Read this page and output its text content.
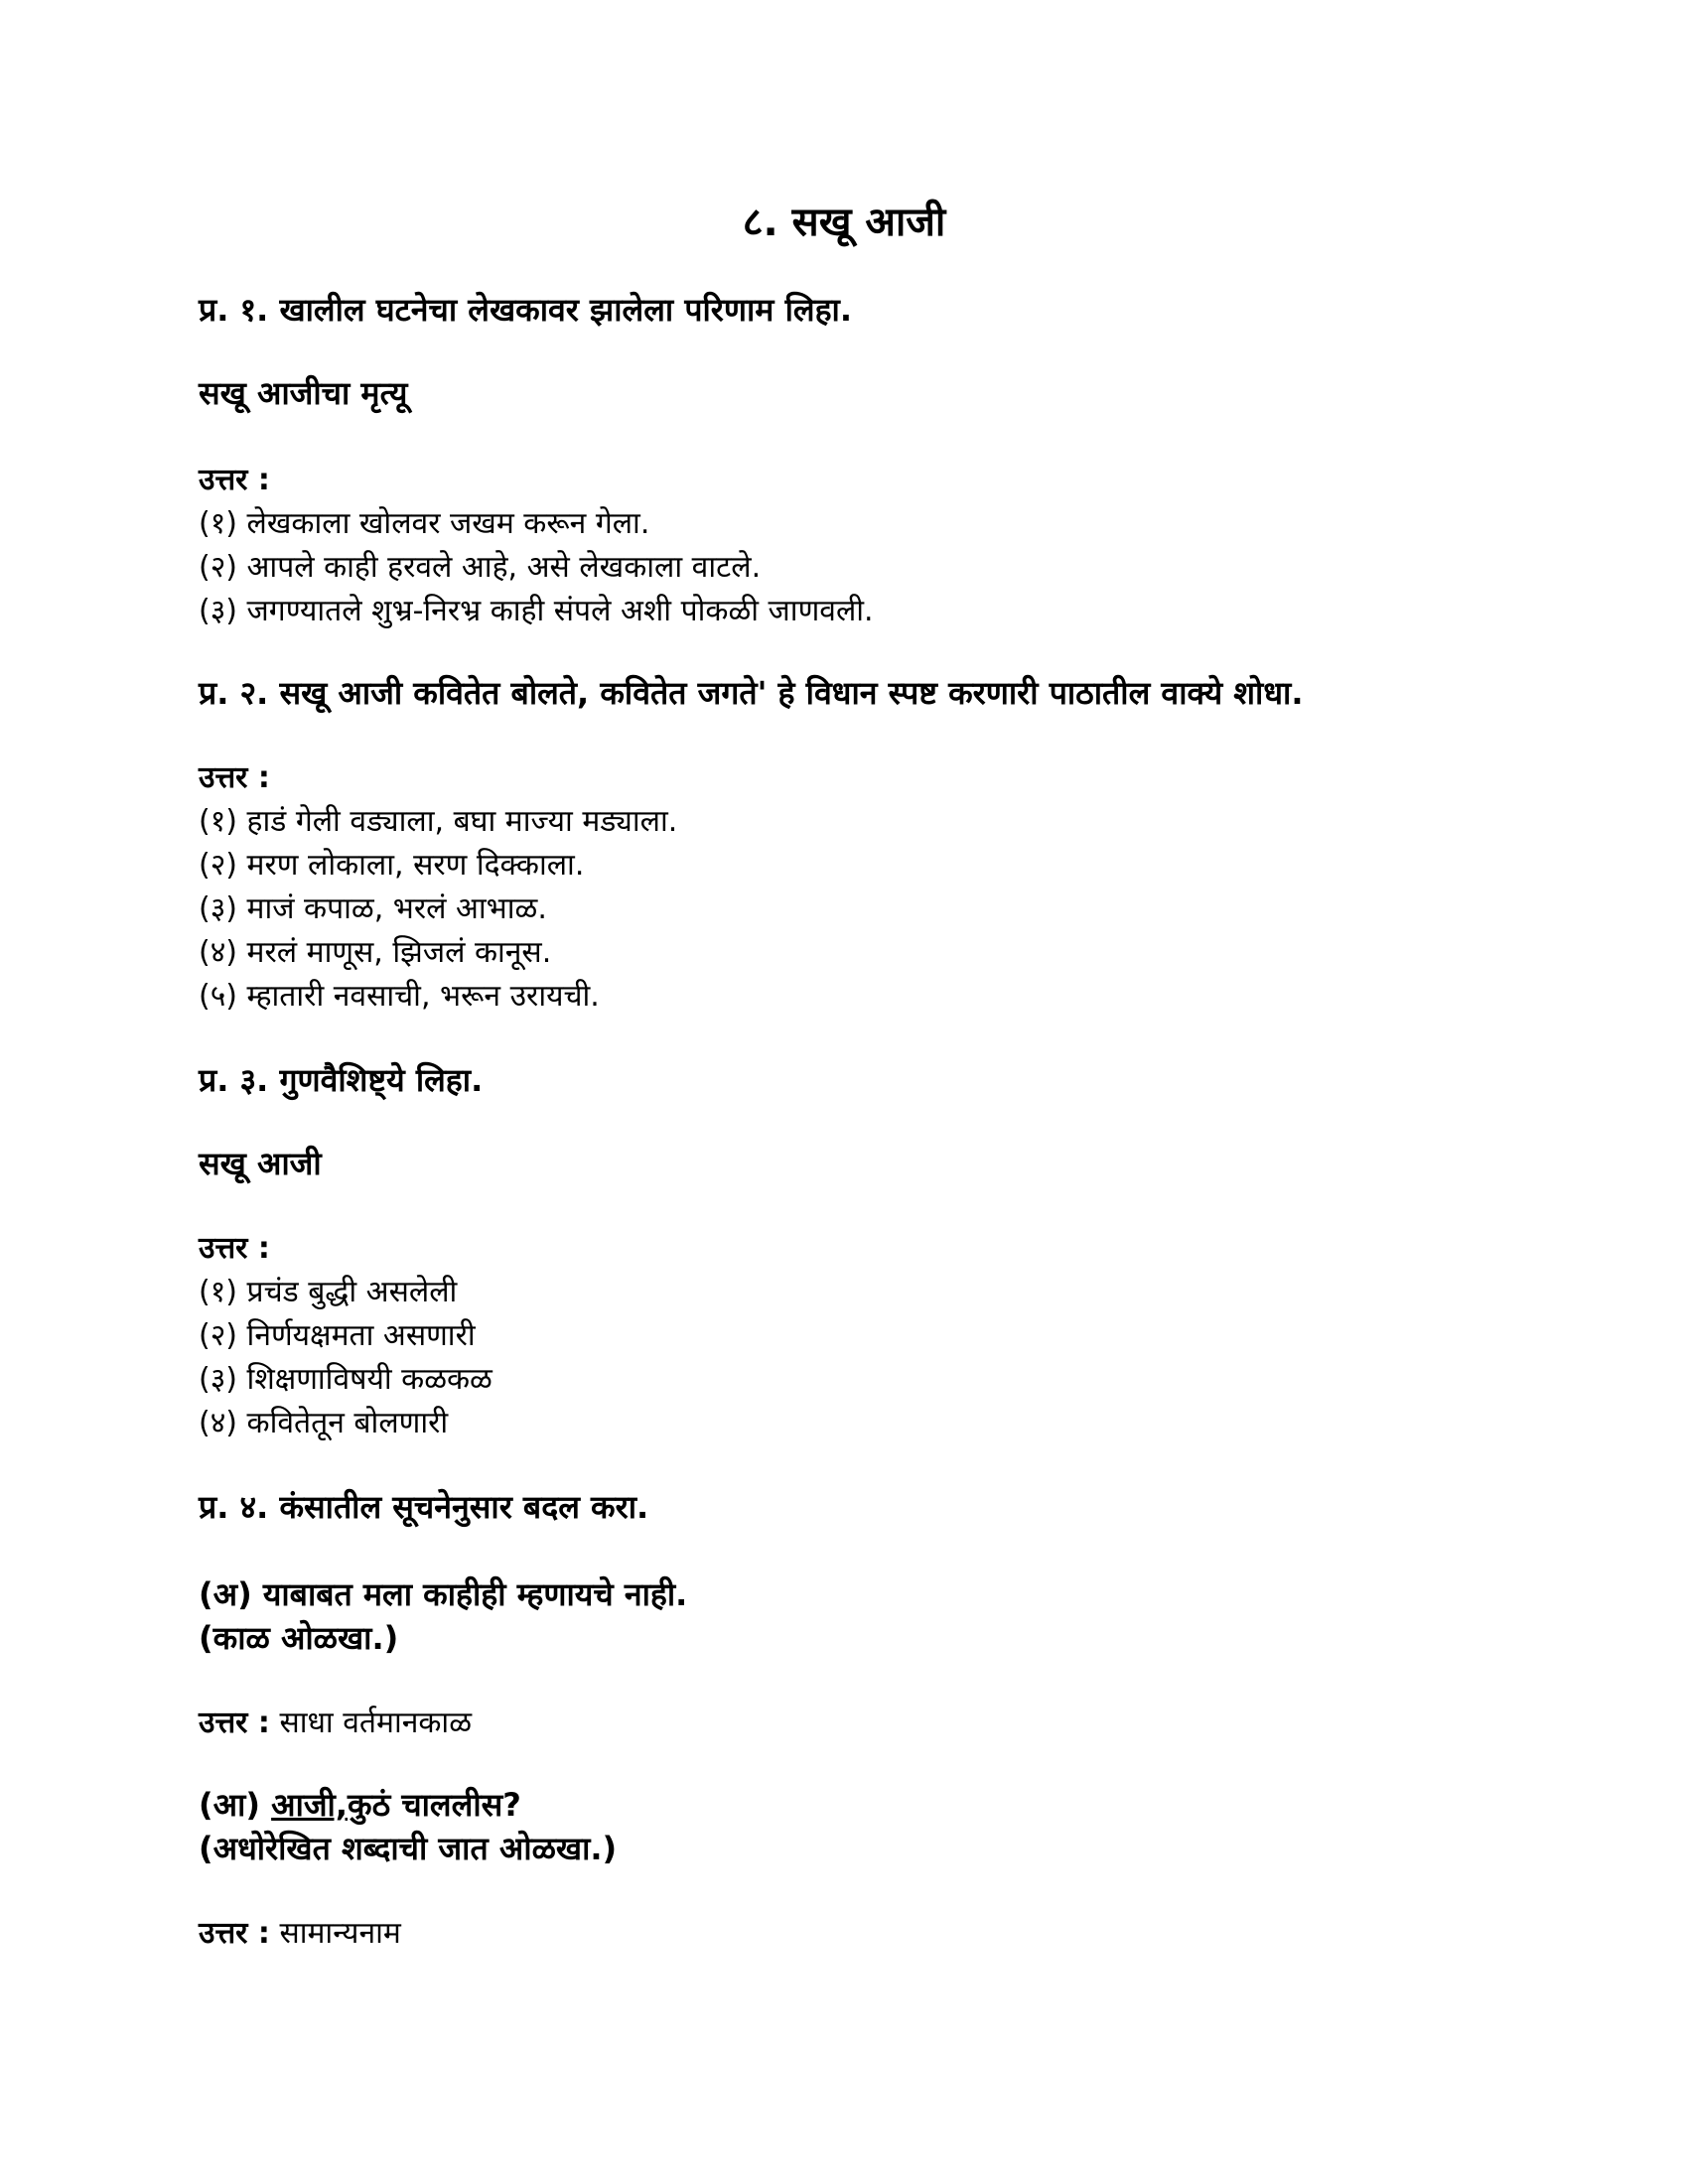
८. सखू आजी
प्र. १. खालील घटनेचा लेखकावर झालेला परिणाम लिहा.
सखू आजीचा मृत्यू
उत्तर :
(१) लेखकाला खोलवर जखम करून गेला.
(२) आपले काही हरवले आहे, असे लेखकाला वाटले.
(३) जगण्यातले शुभ्र-निरभ्र काही संपले अशी पोकळी जाणवली.
प्र. २. सखू आजी कवितेत बोलते, कवितेत जगते' हे विधान स्पष्ट करणारी पाठातील वाक्ये शोधा.
उत्तर :
(१) हाडं गेली वड्याला, बघा माज्या मड्याला.
(२) मरण लोकाला, सरण दिक्काला.
(३) माजं कपाळ, भरलं आभाळ.
(४) मरलं माणूस, झिजलं कानूस.
(५) म्हातारी नवसाची, भरून उरायची.
प्र. ३. गुणवैशिष्ट्ये लिहा.
सखू आजी
उत्तर :
(१) प्रचंड बुद्धी असलेली
(२) निर्णयक्षमता असणारी
(३) शिक्षणाविषयी कळकळ
(४) कवितेतून बोलणारी
प्र. ४. कंसातील सूचनेनुसार बदल करा.
(अ) याबाबत मला काहीही म्हणायचे नाही.
(काळ ओळखा.)
उत्तर : साधा वर्तमानकाळ
(आ) आजी,कुठं चाललीस?
(अधोरेखित शब्दाची जात ओळखा.)
उत्तर : सामान्यनाम
